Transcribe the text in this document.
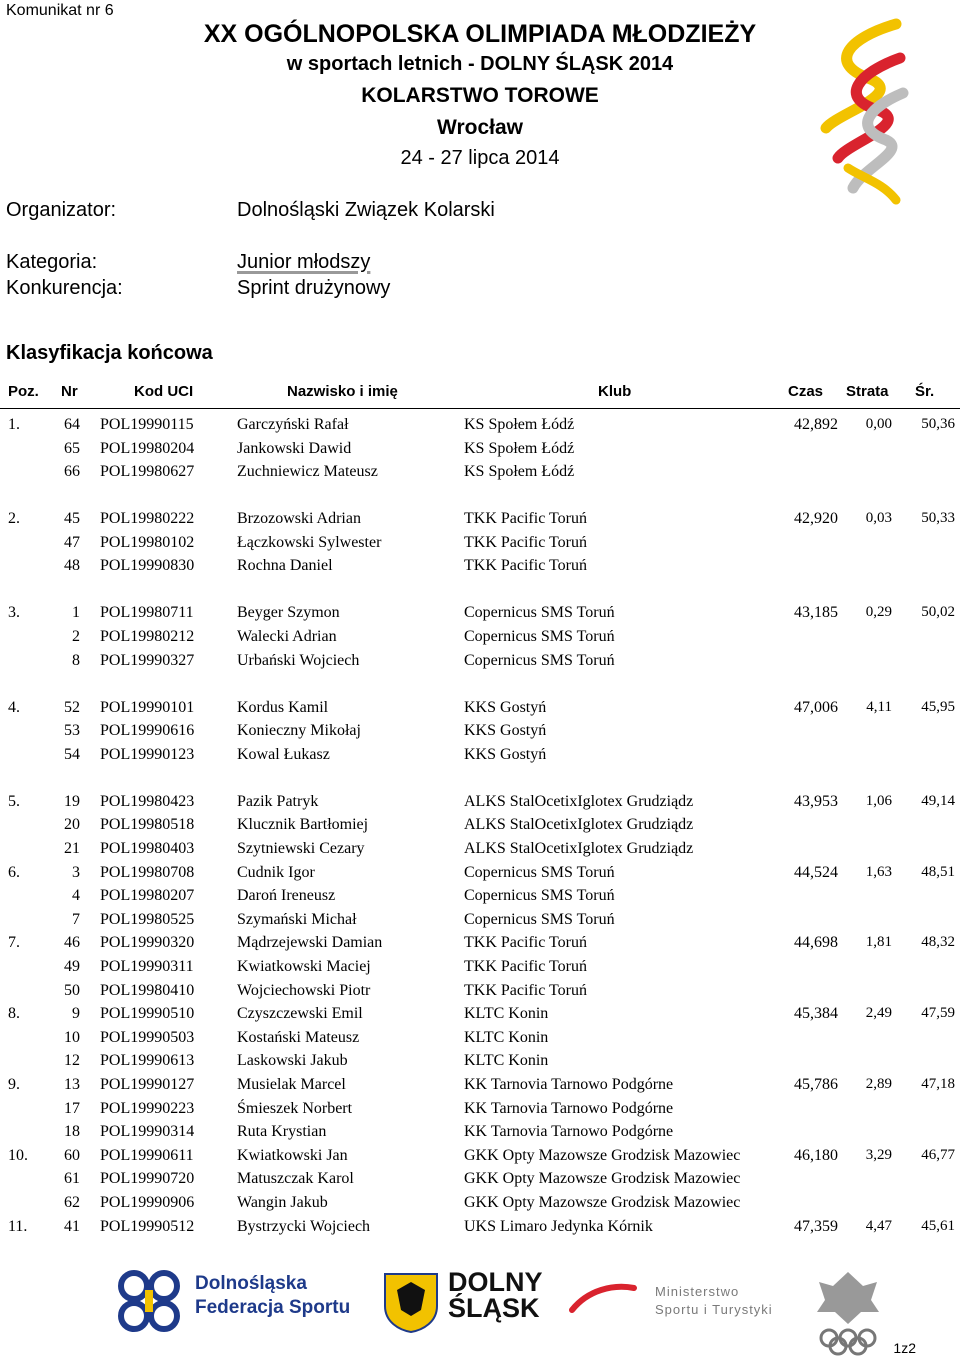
Komunikat nr 6
XX OGÓLNOPOLSKA OLIMPIADA MŁODZIEŻY
w sportach letnich - DOLNY ŚLĄSK 2014
KOLARSTWO TOROWE
Wrocław
24 - 27 lipca 2014
Organizator:	Dolnośląski Związek Kolarski
Kategoria:	Junior młodszy
Konkurencja:	Sprint drużynowy
Klasyfikacja końcowa
Poz. Nr	Kod UCI	Nazwisko i imię	Klub	Czas Strata Śr.
1.	64 POL19990115	Garczyński Rafał	KS Społem Łódź	42,892	0,00	50,36
65 POL19980204	Jankowski Dawid	KS Społem Łódź
66 POL19980627	Zuchniewicz Mateusz	KS Społem Łódź
2.	45 POL19980222	Brzozowski Adrian	TKK Pacific Toruń	42,920	0,03	50,33
47 POL19980102	Łączkowski Sylwester	TKK Pacific Toruń
48 POL19990830	Rochna Daniel	TKK Pacific Toruń
3.	1 POL19980711	Beyger Szymon	Copernicus SMS Toruń	43,185	0,29	50,02
2 POL19980212	Walecki Adrian	Copernicus SMS Toruń
8 POL19990327	Urbański Wojciech	Copernicus SMS Toruń
4.	52 POL19990101	Kordus Kamil	KKS Gostyń	47,006	4,11	45,95
53 POL19990616	Konieczny Mikołaj	KKS Gostyń
54 POL19990123	Kowal Łukasz	KKS Gostyń
5.	19 POL19980423	Pazik Patryk	ALKS StalOcetixIglotex Grudziądz	43,953	1,06	49,14
20 POL19980518	Klucznik Bartłomiej	ALKS StalOcetixIglotex Grudziądz
21 POL19980403	Szytniewski Cezary	ALKS StalOcetixIglotex Grudziądz
6.	3 POL19980708	Cudnik Igor	Copernicus SMS Toruń	44,524	1,63	48,51
4 POL19980207	Daroń Ireneusz	Copernicus SMS Toruń
7 POL19980525	Szymański Michał	Copernicus SMS Toruń
7.	46 POL19990320	Mądrzejewski Damian	TKK Pacific Toruń	44,698	1,81	48,32
49 POL19990311	Kwiatkowski Maciej	TKK Pacific Toruń
50 POL19980410	Wojciechowski Piotr	TKK Pacific Toruń
8.	9 POL19990510	Czyszczewski Emil	KLTC Konin	45,384	2,49	47,59
10 POL19990503	Kostański Mateusz	KLTC Konin
12 POL19990613	Laskowski Jakub	KLTC Konin
9.	13 POL19990127	Musielak Marcel	KK Tarnovia Tarnowo Podgórne	45,786	2,89	47,18
17 POL19990223	Śmieszek Norbert	KK Tarnovia Tarnowo Podgórne
18 POL19990314	Ruta Krystian	KK Tarnovia Tarnowo Podgórne
10.	60 POL19990611	Kwiatkowski Jan	GKK Opty Mazowsze Grodzisk Mazowiec	46,180	3,29	46,77
61 POL19990720	Matuszczak Karol	GKK Opty Mazowsze Grodzisk Mazowiec
62 POL19990906	Wangin Jakub	GKK Opty Mazowsze Grodzisk Mazowiec
11.	41 POL19990512	Bystrzycki Wojciech	UKS Limaro Jedynka Kórnik	47,359	4,47	45,61
Dolnośląska Federacja Sportu
DOLNY
ŚLĄSK
Ministerstwo Sportu i Turystyki
1z2
